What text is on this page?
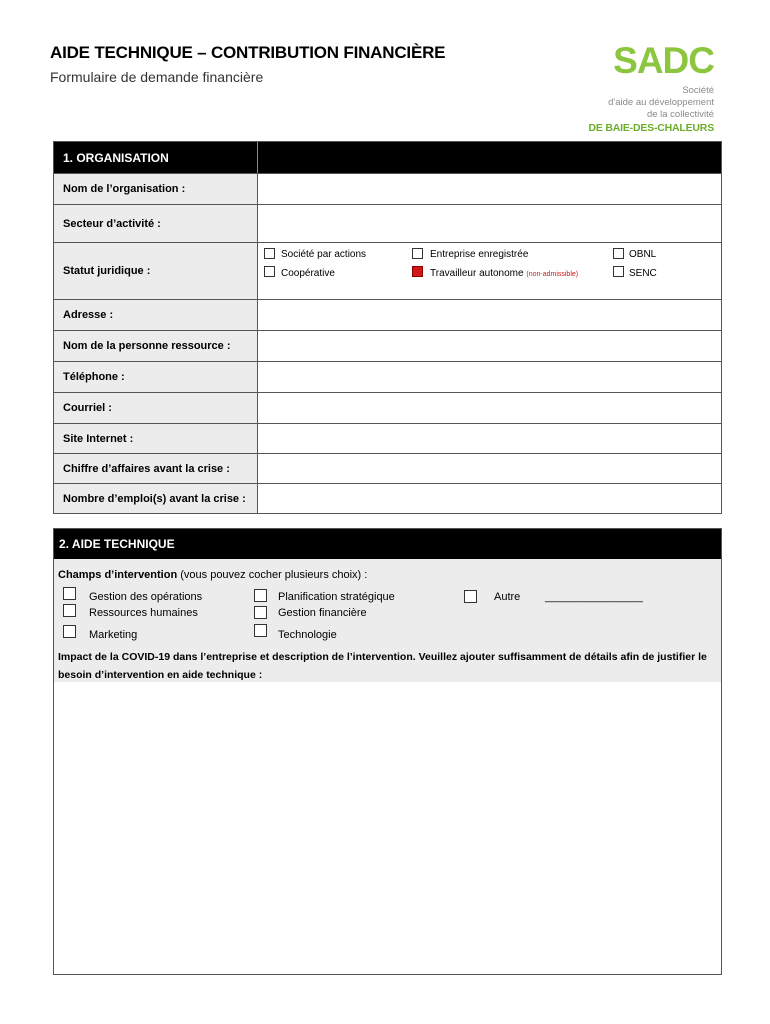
AIDE TECHNIQUE – CONTRIBUTION FINANCIÈRE
Formulaire de demande financière	SADC
Société
d'aide au développement
de la collectivité
DE BAIE-DES-CHALEURS
1. ORGANISATION
Nom de l’organisation :
Secteur d’activité :
Statut juridique :
Société par actions	Entreprise enregistrée	OBNL
Coopérative	Travailleur autonome (non-admissible)	SENC
Adresse :
Nom de la personne ressource :
Téléphone :
Courriel :
Site Internet :
Chiffre d’affaires avant la crise :
Nombre d’emploi(s) avant la crise :
2. AIDE TECHNIQUE
Champs d’intervention (vous pouvez cocher plusieurs choix) :
Gestion des opérations	Planification stratégique	Autre ________________
Ressources humaines	Gestion financière
Marketing	Technologie
Impact de la COVID-19 dans l’entreprise et description de l’intervention. Veuillez ajouter suffisamment de détails afin de justifier le besoin d’intervention en aide technique :
